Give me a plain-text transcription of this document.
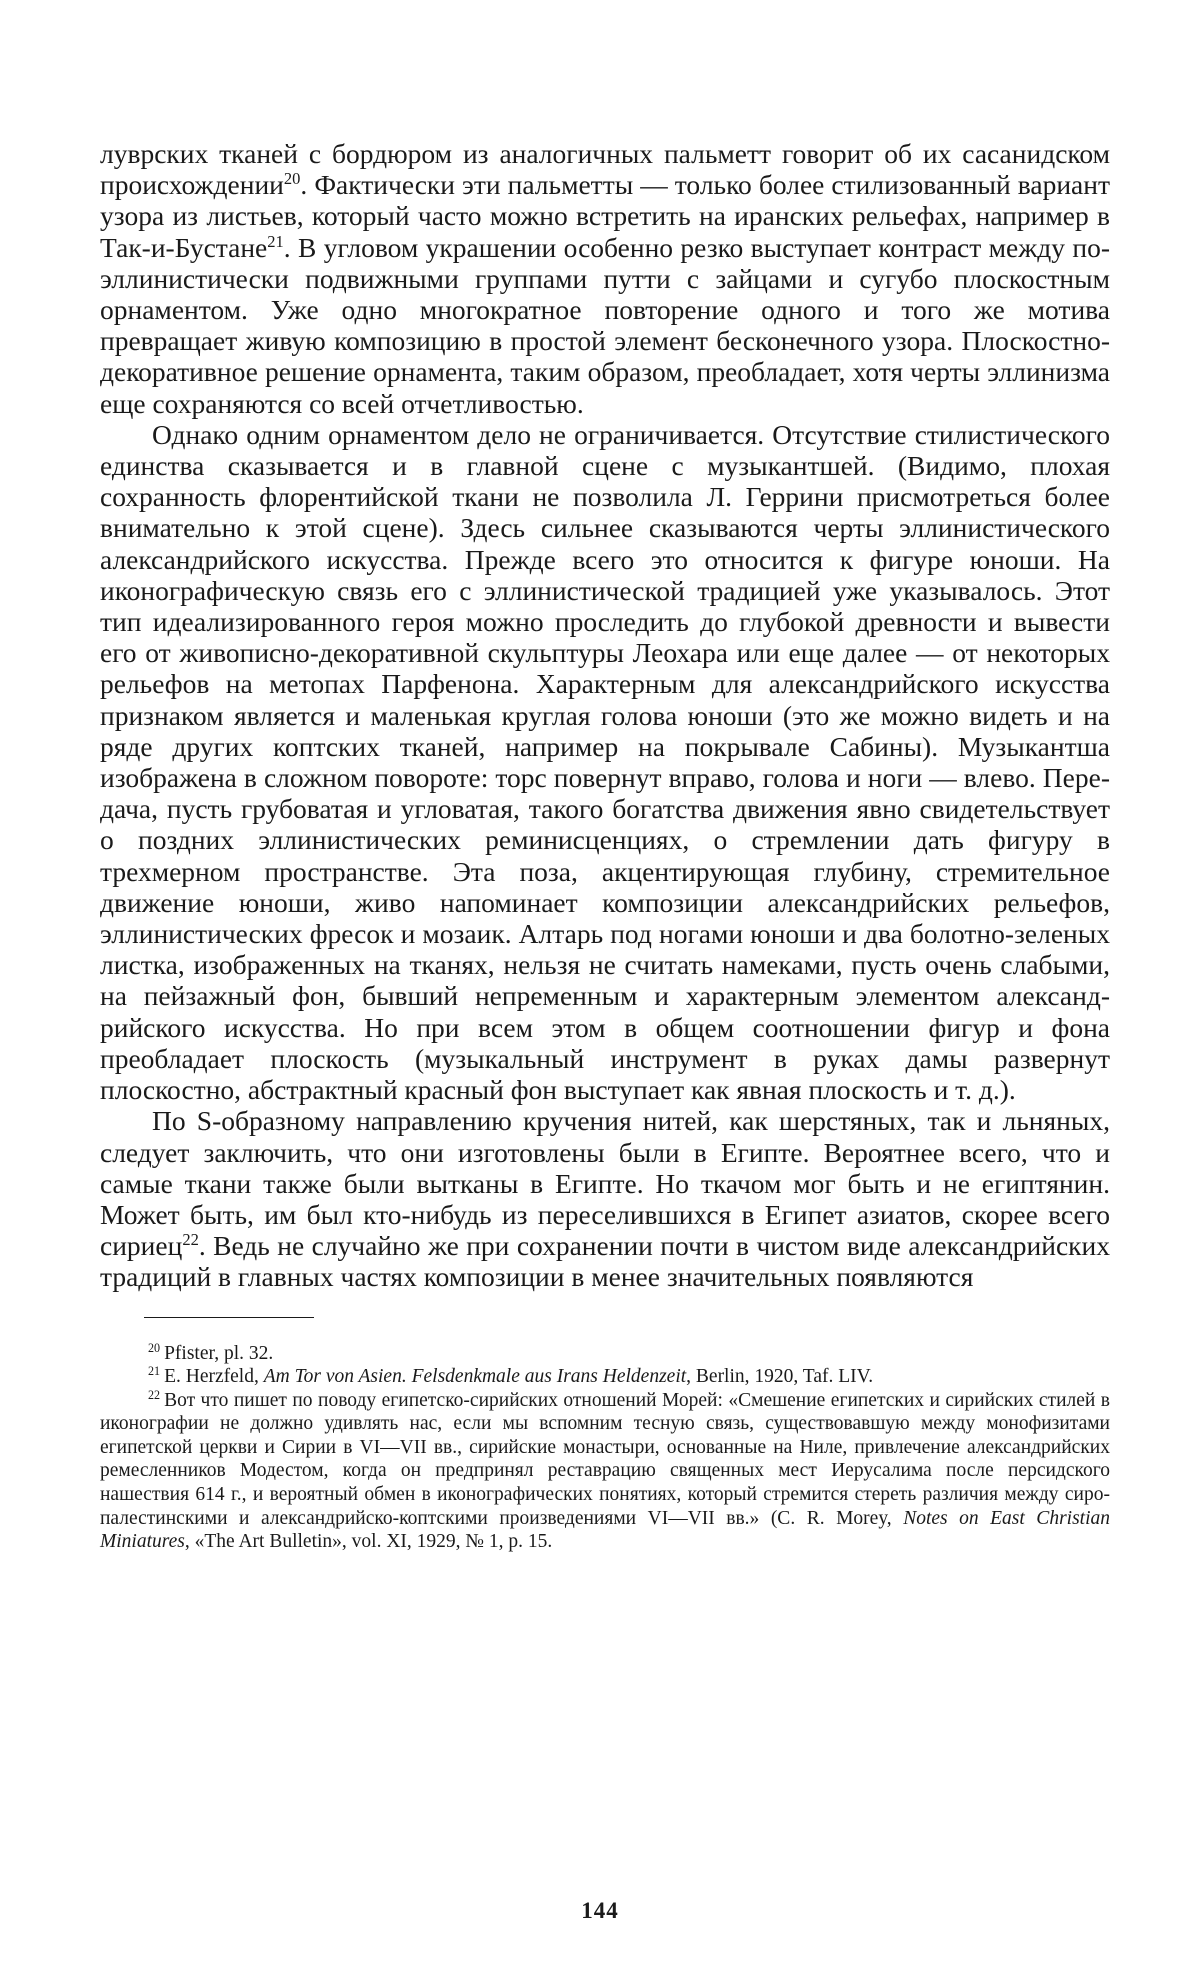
лувpских тканей с бордюром из аналогичных пальметт говорит об их сасанидском происхождении$^{20}$. Фактически эти пальметты — только более стилизованный вариант узора из листьев, который часто можно встретить на иранских рельефах, например в Так-и-Бустане$^{21}$. В угловом украшении особенно резко выступает контраст между по-эллинистически подвижными группами путти с зайцами и сугубо плоскостным орнаментом. Уже одно многократное повторение одного и того же мотива превращает живую композицию в простой элемент бесконечного узора. Плоскостно-декоративное решение орнамента, таким образом, преобладает, хотя черты эллинизма еще сохраняются со всей отчетливостью.

Однако одним орнаментом дело не ограничивается. Отсутствие стилистического единства сказывается и в главной сцене с музыкантшей. (Видимо, плохая сохранность флорентийской ткани не позволила Л. Геррини присмотреться более внимательно к этой сцене). Здесь сильнее сказываются черты эллинистического александрийского искусства. Прежде всего это относится к фигуре юноши. На иконографическую связь его с эллинистической традицией уже указывалось. Этот тип идеализированного героя можно проследить до глубокой древности и вывести его от живописно-декоративной скульптуры Леохара или еще далее — от некоторых рельефов на метопах Парфенона. Характерным для александрийского искусства признаком является и маленькая круглая голова юноши (это же можно видеть и на ряде других коптских тканей, например на покрывале Сабины). Музыкантша изображена в сложном повороте: торс повернут вправо, голова и ноги — влево. Передача, пусть грубоватая и угловатая, такого богатства движения явно свидетельствует о поздних эллинистических реминисценциях, о стремлении дать фигуру в трехмерном пространстве. Эта поза, акцентирующая глубину, стремительное движение юноши, живо напоминает композиции александрийских рельефов, эллинистических фресок и мозаик. Алтарь под ногами юноши и два болотно-зеленых листка, изображенных на тканях, нельзя не считать намеками, пусть очень слабыми, на пейзажный фон, бывший непременным и характерным элементом александрийского искусства. Но при всем этом в общем соотношении фигур и фона преобладает плоскость (музыкальный инструмент в руках дамы развернут плоскостно, абстрактный красный фон выступает как явная плоскость и т. д.).

По S-образному направлению кручения нитей, как шерстяных, так и льняных, следует заключить, что они изготовлены были в Египте. Вероятнее всего, что и самые ткани также были вытканы в Египте. Но ткачом мог быть и не египтянин. Может быть, им был кто-нибудь из переселившихся в Египет азиатов, скорее всего сириец$^{22}$. Ведь не случайно же при сохранении почти в чистом виде александрийских традиций в главных частях композиции в менее значительных появляются

$^{20}$ Pfister, pl. 32.

$^{21}$ E. Herzfeld, Am Tor von Asien. Felsdenkmale aus Irans Heldenzeit, Berlin, 1920, Taf. LIV.

$^{22}$ Вот что пишет по поводу египетско-сирийских отношений Морей: «Смешение египетских и сирийских стилей в иконографии не должно удивлять нас, если мы вспомним тесную связь, существовавшую между монофизитами египетской церкви и Сирии в VI—VII вв., сирийские монастыри, основанные на Ниле, привлечение александрийских ремесленников Модестом, когда он предпринял реставрацию священных мест Иерусалима после персидского нашествия 614 г., и вероятный обмен в иконографических понятиях, который стремится стереть различия между сиро-палестинскими и александрийско-коптскими произведениями VI—VII вв.» (C. R. Morey, Notes on East Christian Miniatures, «The Art Bulletin», vol. XI, 1929, № 1, p. 15.

144
